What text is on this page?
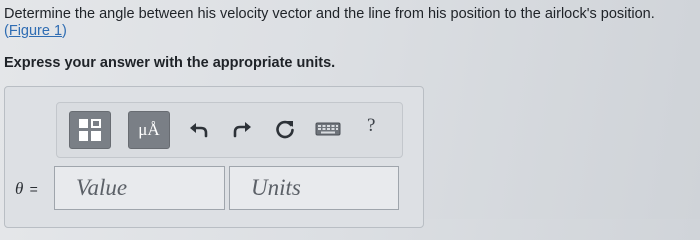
Determine the angle between his velocity vector and the line from his position to the airlock's position.
(Figure 1)
Express your answer with the appropriate units.
μÅ	?
θ =	Value	Units
